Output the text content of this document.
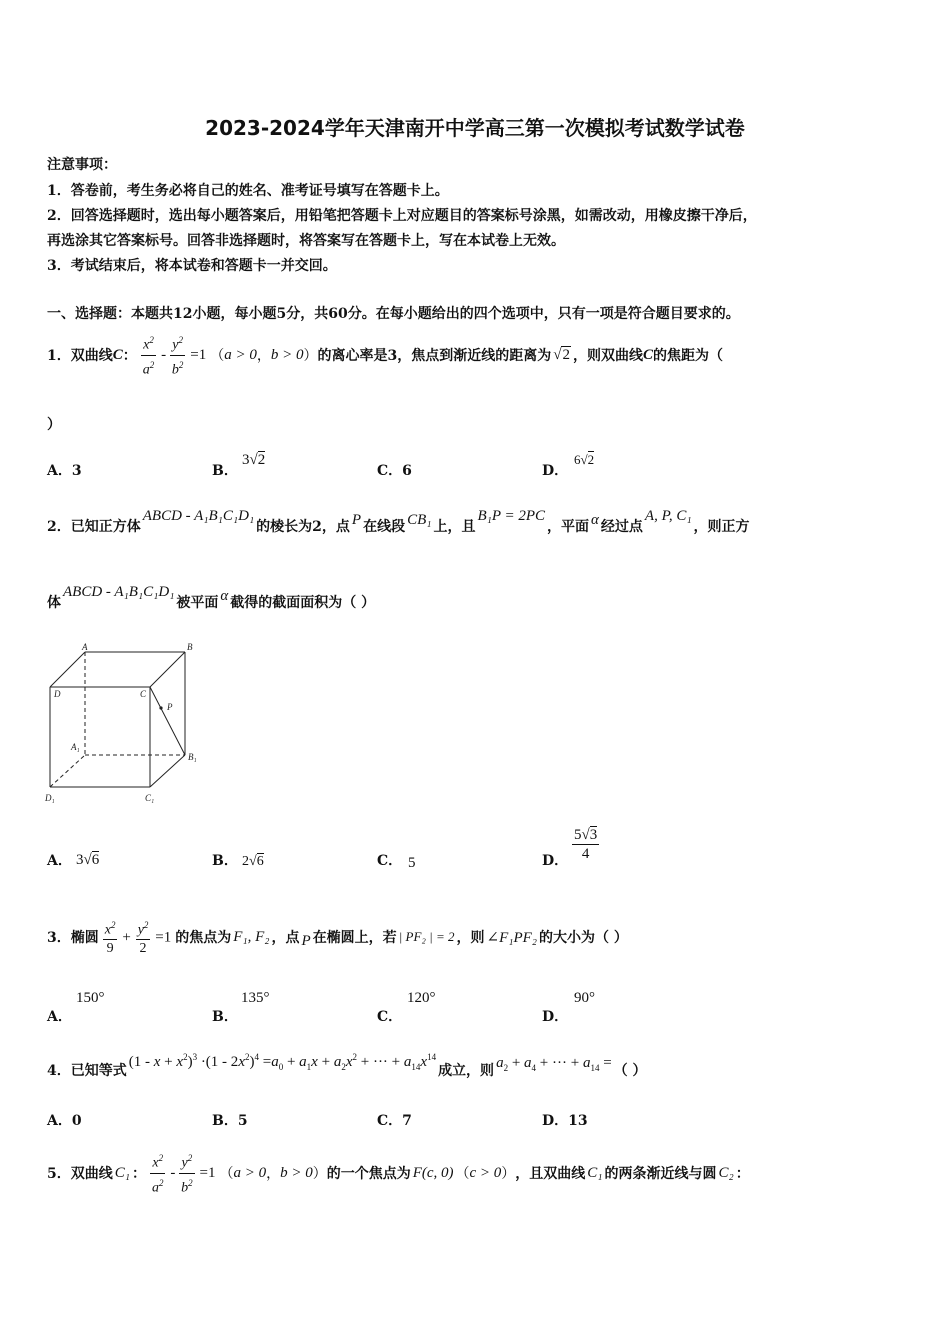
2023-2024学年天津南开中学高三第一次模拟考试数学试卷
注意事项：
1．答卷前，考生务必将自己的姓名、准考证号填写在答题卡上。
2．回答选择题时，选出每小题答案后，用铅笔把答题卡上对应题目的答案标号涂黑，如需改动，用橡皮擦干净后，
再选涂其它答案标号。回答非选择题时，将答案写在答题卡上，写在本试卷上无效。
3．考试结束后，将本试卷和答题卡一并交回。
一、选择题：本题共12小题，每小题5分，共60分。在每小题给出的四个选项中，只有一项是符合题目要求的。
1．双曲线 C ： $\frac{x^2}{a^2} - \frac{y^2}{b^2} =1$ （ a > 0 ， b > 0 ） 的离心率是3，焦点到渐近线的距离为 √2 ，则双曲线 C 的焦距为（
）
A．3	B．
3√2
C．6	D．
6√2
2．已知正方体
ABCD - A₁B₁C₁D₁
的棱长为2，点 P 在线段 CB₁ 上，且
B₁P = 2PC
，平面 α 经过点
A, P, C₁
，则正方
体
ABCD - A₁B₁C₁D₁
被平面 α 截得的截面面积为（ ）
A	B
C
D
P
A₁
B₁
C₁
D₁
A． 3√6	B． 2√6	C． 5	D． $\frac{5√3}{4}$
3．椭圆 $\frac{x^2}{9} + \frac{y^2}{2} =1$ 的焦点为 F₁, F₂ ，点 P 在椭圆上，若 | PF₂ | = 2 ，则 ∠F₁PF₂ 的大小为（ ）
A．
150°
B．
135°
C．
120°
D．
90°
4．已知等式
$(1 - x + x^2)^3 \cdot(1 - 2x^2)^4 =a_0 + a_1x + a_2x^2$ + ··· + $a_{14}x^{14}$
成立，则 $a_2 + a_4$ + ··· + $a_{14}$ = （ ）
A．0	B．5	C．7	D．13
5．双曲线 C₁ ： $\frac{x^2}{a^2} - \frac{y^2}{b^2} =1$ （ a > 0 ， b > 0 ） 的一个焦点为 F(c, 0) （ c > 0 ） ，且双曲线 C₁ 的两条渐近线与圆 C₂ ：
